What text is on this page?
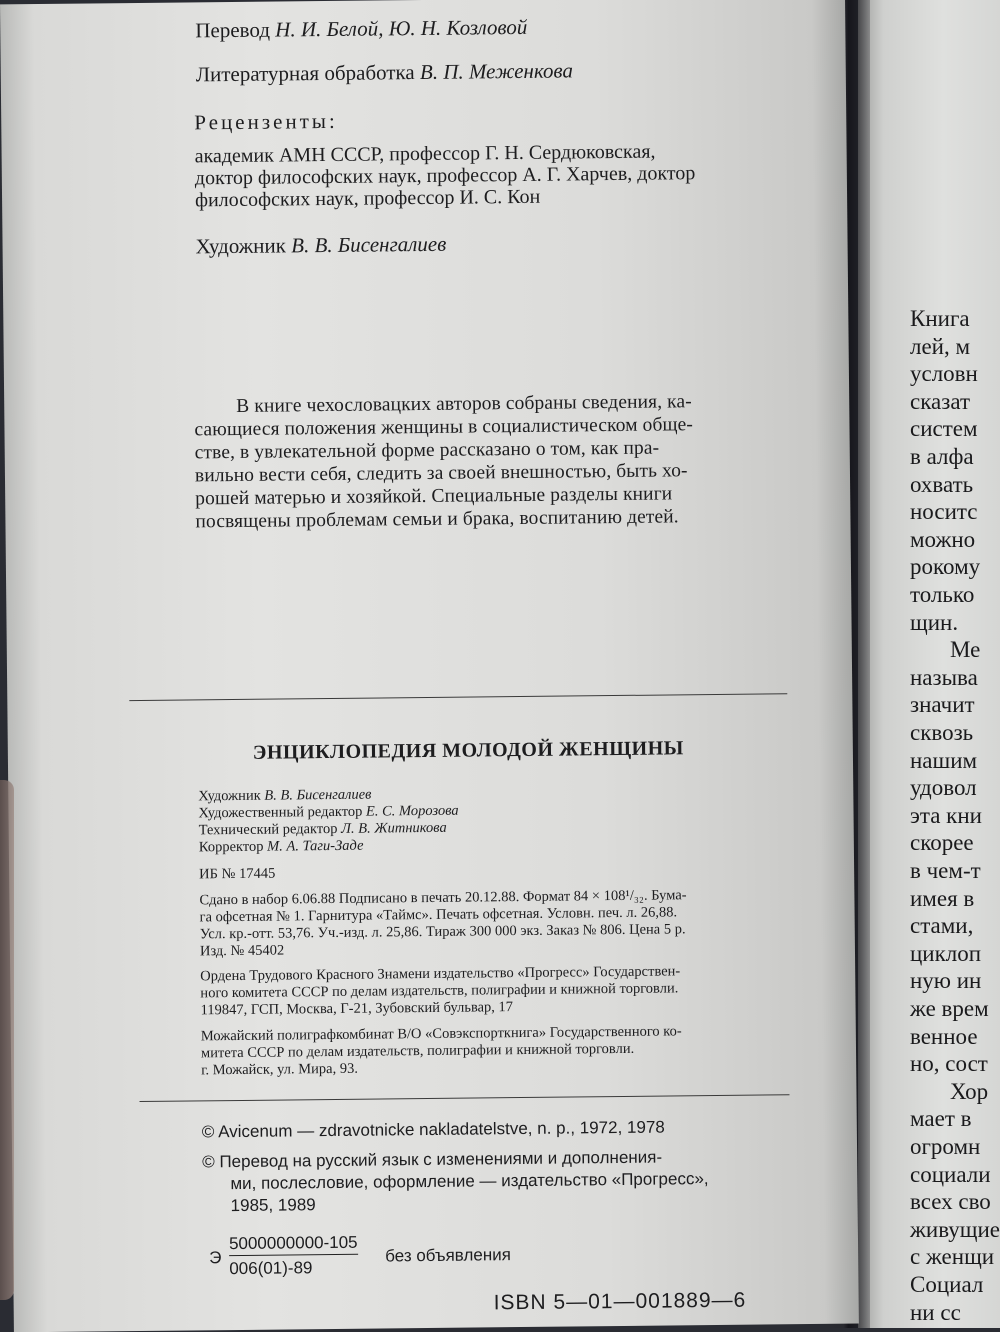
Книга
лей, м
условн
сказат
систем
в алфа
охвать
носитс
можно
рокому
только
щин.
Ме
называ
значит
сквозь
нашим
удовол
эта кни
скорее
в чем-т
имея в
стами,
циклоп
ную ин
же врем
венное
но, сост
Хор
мает в
огромн
социали
всех сво
живущие
с женщи
Социал
ни сс
Перевод Н. И. Белой, Ю. Н. Козловой
Литературная обработка В. П. Меженкова
Рецензенты:
академик АМН СССР, профессор Г. Н. Сердюковская,
доктор философских наук, профессор А. Г. Харчев, доктор
философских наук, профессор И. С. Кон
Художник В. В. Бисенгалиев
В книге чехословацких авторов собраны сведения, ка-
сающиеся положения женщины в социалистическом обще-
стве, в увлекательной форме рассказано о том, как пра-
вильно вести себя, следить за своей внешностью, быть хо-
рошей матерью и хозяйкой. Специальные разделы книги
посвящены проблемам семьи и брака, воспитанию детей.
ЭНЦИКЛОПЕДИЯ МОЛОДОЙ ЖЕНЩИНЫ
Художник В. В. Бисенгалиев
Художественный редактор Е. С. Морозова
Технический редактор Л. В. Житникова
Корректор М. А. Таги-Заде
ИБ № 17445
Сдано в набор 6.06.88 Подписано в печать 20.12.88. Формат 84 × 108¹/₃₂. Бума-
га офсетная № 1. Гарнитура «Таймс». Печать офсетная. Условн. печ. л. 26,88.
Усл. кр.-отт. 53,76. Уч.-изд. л. 25,86. Тираж 300 000 экз. Заказ № 806. Цена 5 р.
Изд. № 45402
Ордена Трудового Красного Знамени издательство «Прогресс» Государствен-
ного комитета СССР по делам издательств, полиграфии и книжной торговли.
119847, ГСП, Москва, Г-21, Зубовский бульвар, 17
Можайский полиграфкомбинат В/О «Совэкспорткнига» Государственного ко-
митета СССР по делам издательств, полиграфии и книжной торговли.
г. Можайск, ул. Мира, 93.
© Avicenum — zdravotnicke nakladatelstve, n. p., 1972, 1978
© Перевод на русский язык с изменениями и дополнения-
ми, послесловие, оформление — издательство «Прогресс»,
1985, 1989
Э
5000000000-105
006(01)-89
без объявления
ISBN 5—01—001889—6
